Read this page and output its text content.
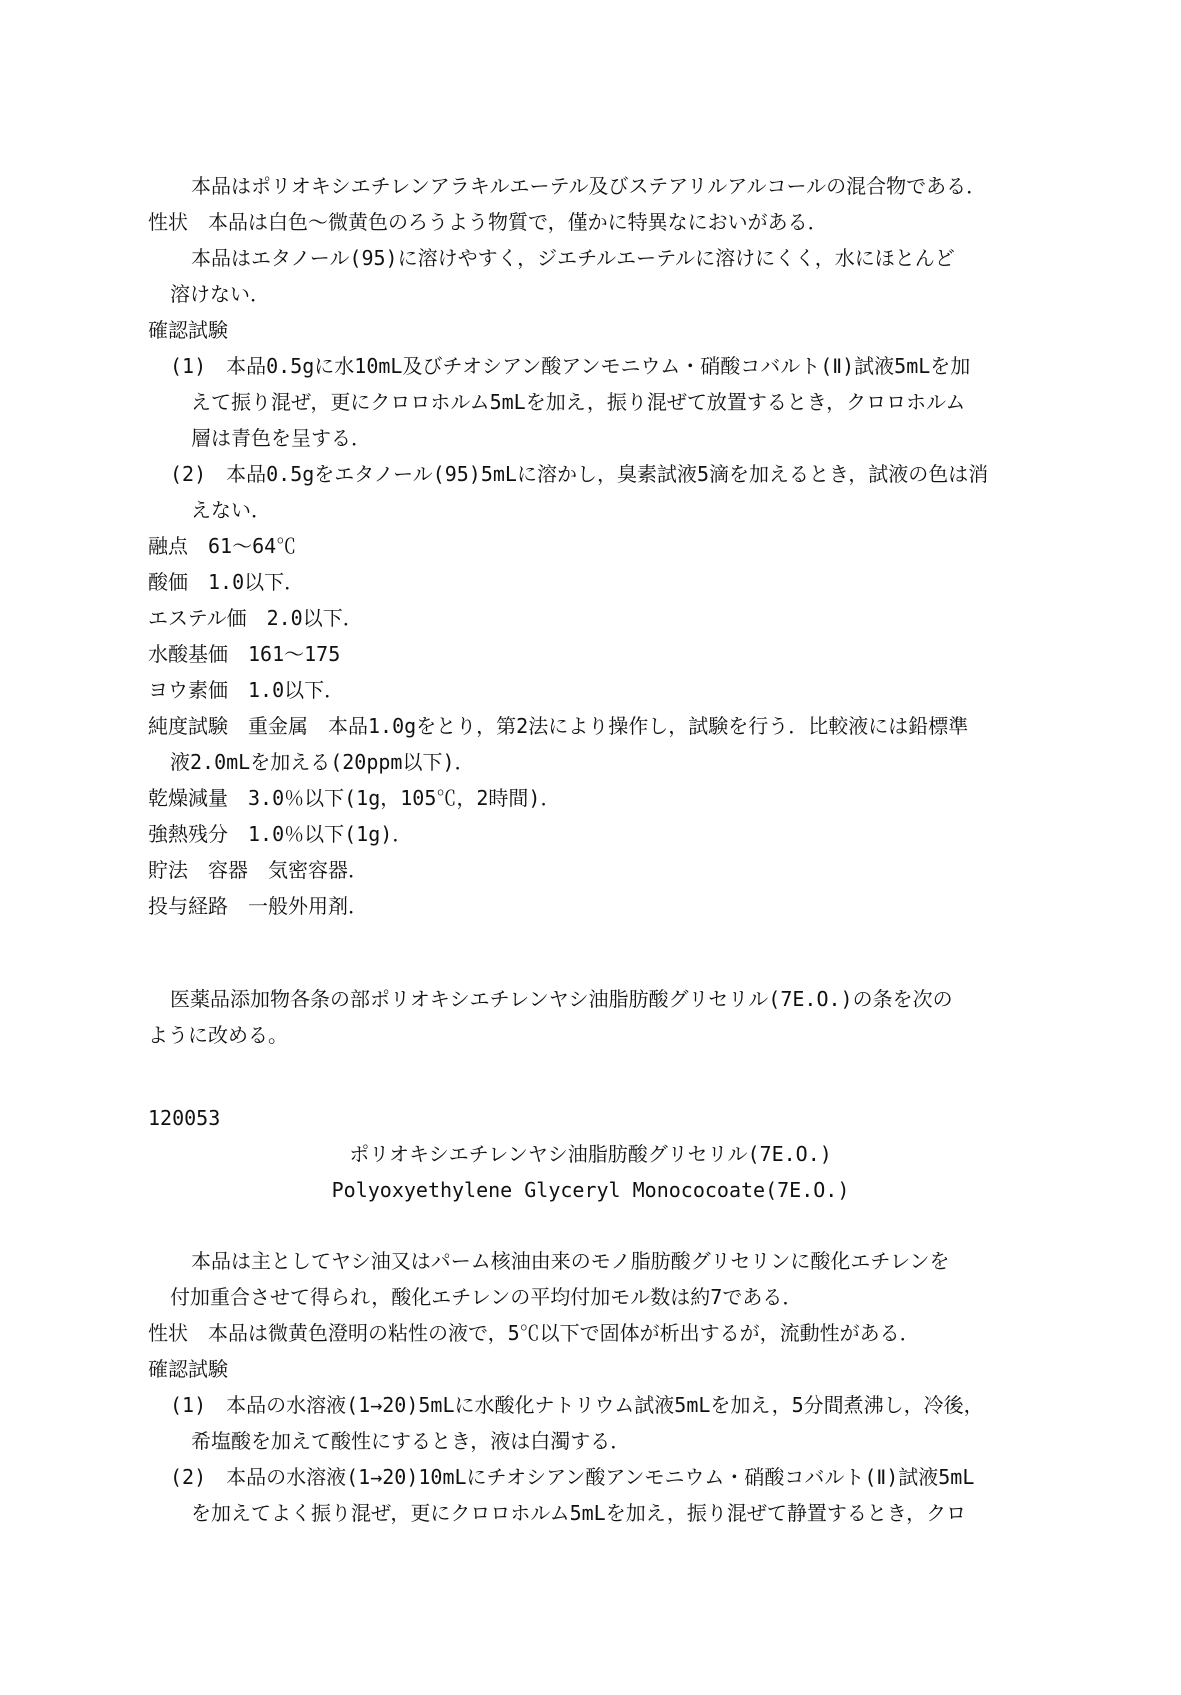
本品はポリオキシエチレンアラキルエーテル及びステアリルアルコールの混合物である．
性状　本品は白色～微黄色のろうよう物質で，僅かに特異なにおいがある．
本品はエタノール(95)に溶けやすく，ジエチルエーテルに溶けにくく，水にほとんど
溶けない．
確認試験
(1)　本品0.5gに水10mL及びチオシアン酸アンモニウム・硝酸コバルト(Ⅱ)試液5mLを加
えて振り混ぜ，更にクロロホルム5mLを加え，振り混ぜて放置するとき，クロロホルム
層は青色を呈する．
(2)　本品0.5gをエタノール(95)5mLに溶かし，臭素試液5滴を加えるとき，試液の色は消
えない．
融点　61～64℃
酸価　1.0以下．
エステル価　2.0以下．
水酸基価　161～175
ヨウ素価　1.0以下．
純度試験　重金属　本品1.0gをとり，第2法により操作し，試験を行う．比較液には鉛標準
液2.0mLを加える(20ppm以下)．
乾燥減量　3.0％以下(1g，105℃，2時間)．
強熱残分　1.0％以下(1g)．
貯法　容器　気密容器．
投与経路　一般外用剤．
医薬品添加物各条の部ポリオキシエチレンヤシ油脂肪酸グリセリル(7E.O.)の条を次の
ように改める。
120053
ポリオキシエチレンヤシ油脂肪酸グリセリル(7E.O.)
Polyoxyethylene Glyceryl Monococoate(7E.O.)
本品は主としてヤシ油又はパーム核油由来のモノ脂肪酸グリセリンに酸化エチレンを
付加重合させて得られ，酸化エチレンの平均付加モル数は約7である．
性状　本品は微黄色澄明の粘性の液で，5℃以下で固体が析出するが，流動性がある．
確認試験
(1)　本品の水溶液(1→20)5mLに水酸化ナトリウム試液5mLを加え，5分間煮沸し，冷後，
希塩酸を加えて酸性にするとき，液は白濁する．
(2)　本品の水溶液(1→20)10mLにチオシアン酸アンモニウム・硝酸コバルト(Ⅱ)試液5mL
を加えてよく振り混ぜ，更にクロロホルム5mLを加え，振り混ぜて静置するとき，クロ
